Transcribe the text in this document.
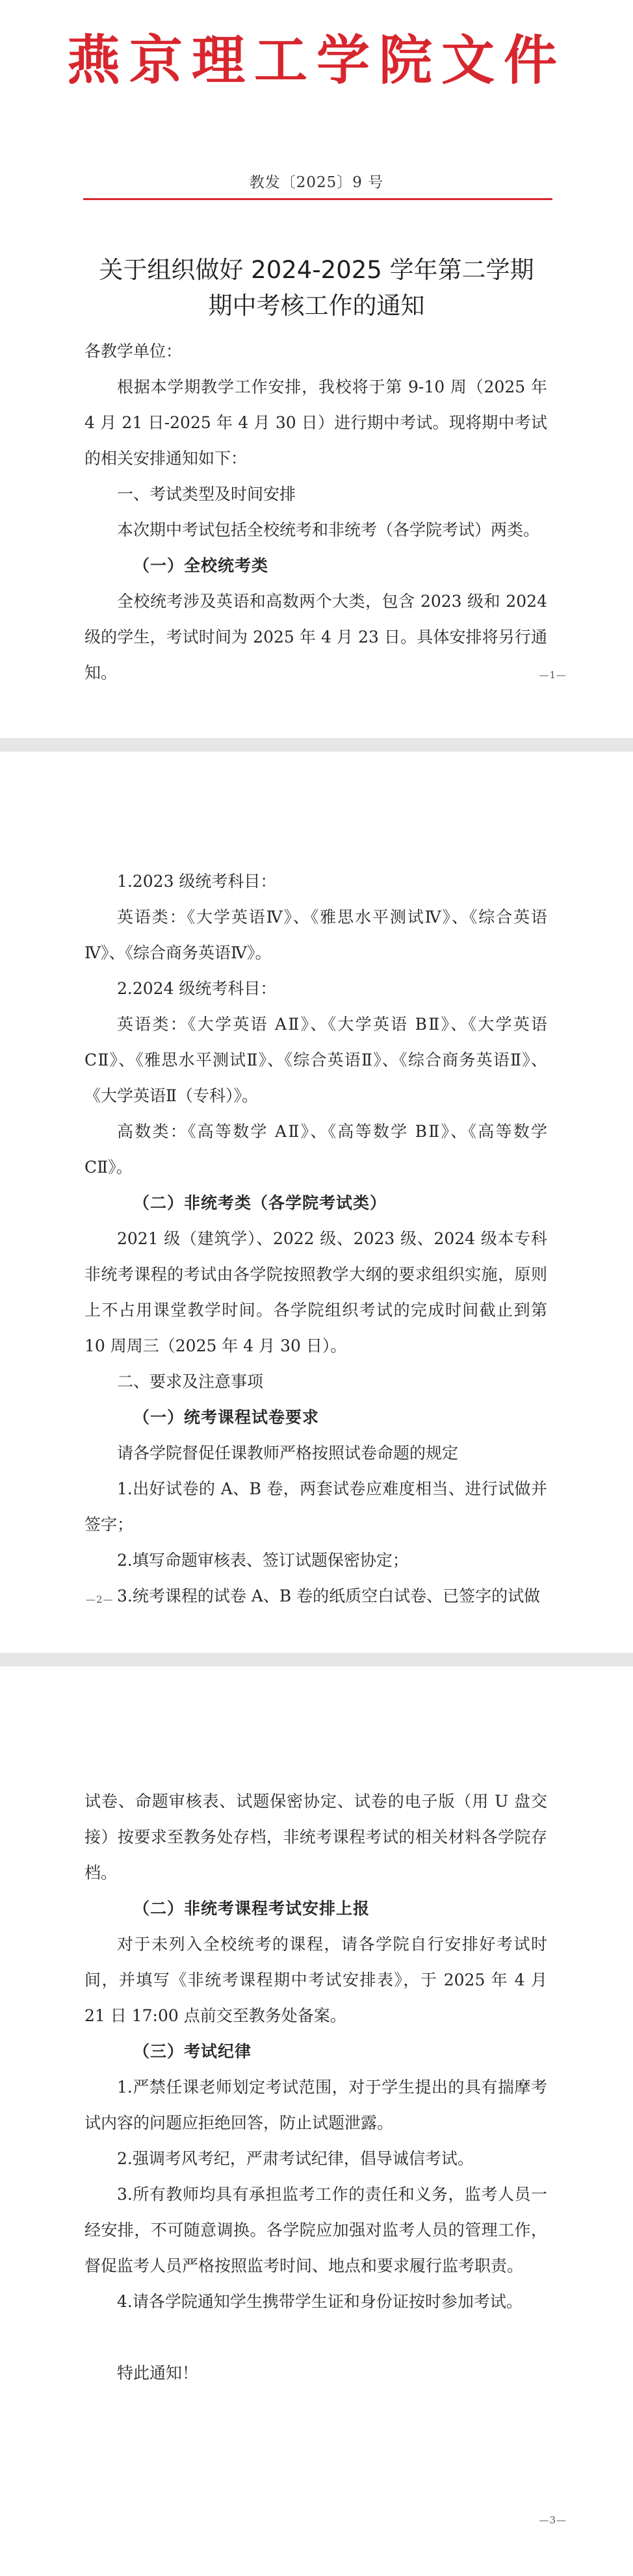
燕京理工学院文件
教发〔2025〕9 号
关于组织做好 2024-2025 学年第二学期
期中考核工作的通知

各教学单位：

根据本学期教学工作安排，我校将于第 9-10 周（2025 年 4 月 21 日-2025 年 4 月 30 日）进行期中考试。现将期中考试的相关安排通知如下：

一、考试类型及时间安排

本次期中考试包括全校统考和非统考（各学院考试）两类。

（一）全校统考类

全校统考涉及英语和高数两个大类，包含 2023 级和 2024 级的学生，考试时间为 2025 年 4 月 23 日。具体安排将另行通知。	—1—

1.2023 级统考科目：

英语类：《大学英语Ⅳ》、《雅思水平测试Ⅳ》、《综合英语Ⅳ》、《综合商务英语Ⅳ》。

2.2024 级统考科目：

英语类：《大学英语 AⅡ》、《大学英语 BⅡ》、《大学英语 CⅡ》、《雅思水平测试Ⅱ》、《综合英语Ⅱ》、《综合商务英语Ⅱ》、《大学英语Ⅱ（专科）》。

高数类：《高等数学 AⅡ》、《高等数学 BⅡ》、《高等数学 CⅡ》。

（二）非统考类（各学院考试类）

2021 级（建筑学）、2022 级、2023 级、2024 级本专科非统考课程的考试由各学院按照教学大纲的要求组织实施，原则上不占用课堂教学时间。各学院组织考试的完成时间截止到第 10 周周三（2025 年 4 月 30 日）。

二、要求及注意事项

（一）统考课程试卷要求

请各学院督促任课教师严格按照试卷命题的规定

1.出好试卷的 A、B 卷，两套试卷应难度相当、进行试做并签字；

2.填写命题审核表、签订试题保密协定；

3.统考课程的试卷 A、B 卷的纸质空白试卷、已签字的试做

—2—

试卷、命题审核表、试题保密协定、试卷的电子版（用 U 盘交接）按要求至教务处存档，非统考课程考试的相关材料各学院存档。

（二）非统考课程考试安排上报

对于未列入全校统考的课程，请各学院自行安排好考试时间，并填写《非统考课程期中考试安排表》，于 2025 年 4 月 21 日 17:00 点前交至教务处备案。

（三）考试纪律

1.严禁任课老师划定考试范围，对于学生提出的具有揣摩考试内容的问题应拒绝回答，防止试题泄露。

2.强调考风考纪，严肃考试纪律，倡导诚信考试。

3.所有教师均具有承担监考工作的责任和义务，监考人员一经安排，不可随意调换。各学院应加强对监考人员的管理工作，督促监考人员严格按照监考时间、地点和要求履行监考职责。

4.请各学院通知学生携带学生证和身份证按时参加考试。

特此通知！

—3—
